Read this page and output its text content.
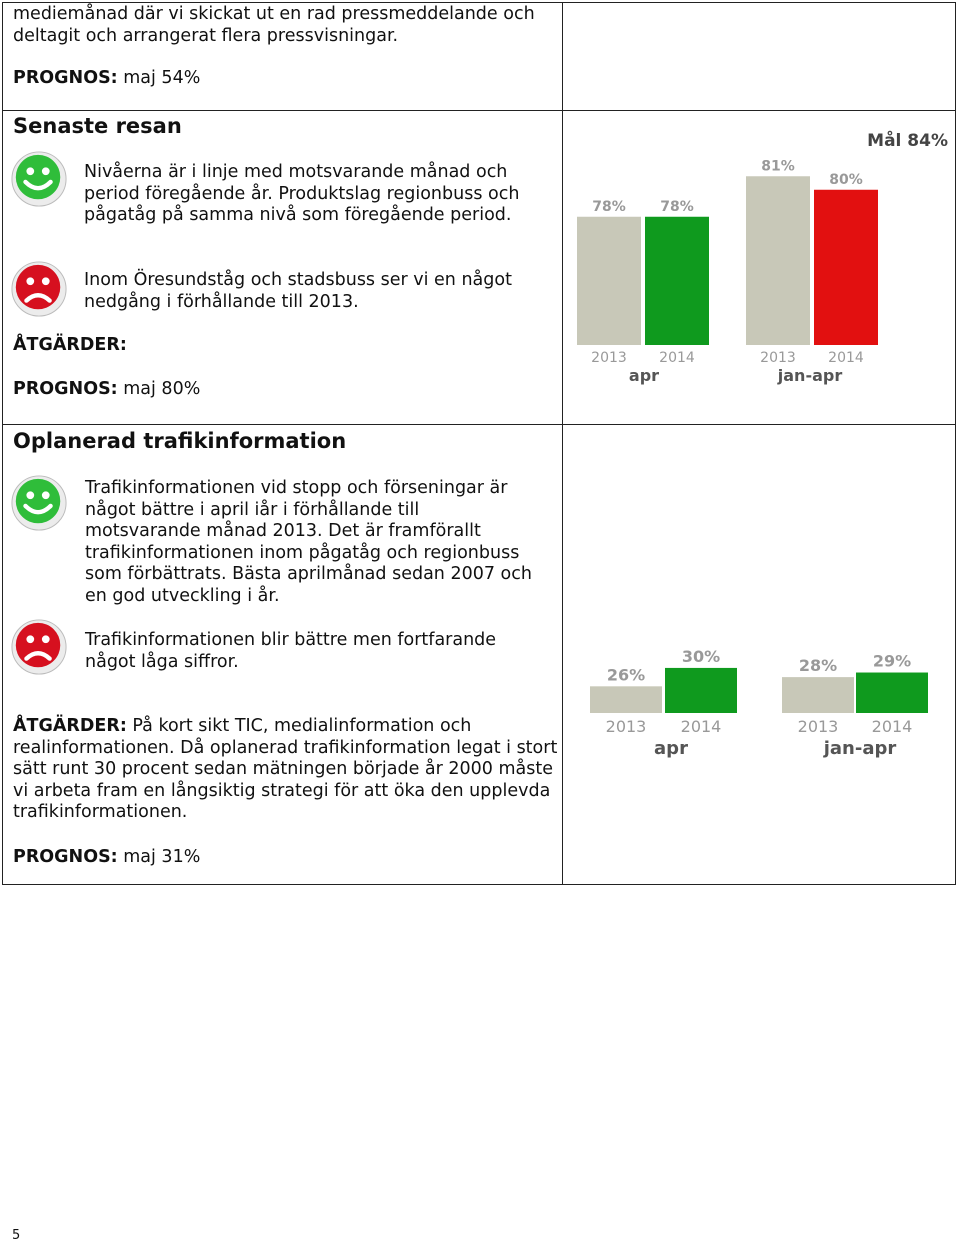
mediemånad där vi skickat ut en rad pressmeddelande och deltagit och arrangerat flera pressvisningar.
PROGNOS: maj 54%
Senaste resan
Nivåerna är i linje med motsvarande månad och period föregående år. Produktslag regionbuss och pågatåg på samma nivå som föregående period.
Inom Öresundståg och stadsbuss ser vi en något nedgång i förhållande till 2013.
ÅTGÄRDER:
PROGNOS: maj 80%
Oplanerad trafikinformation
Trafikinformationen vid stopp och förseningar är något bättre i april iår i förhållande till motsvarande månad 2013. Det är framförallt trafikinformationen inom pågatåg och regionbuss som förbättrats. Bästa aprilmånad sedan 2007 och en god utveckling i år.
Trafikinformationen blir bättre men fortfarande något låga siffror.
ÅTGÄRDER: På kort sikt TIC, medialinformation och realinformationen. Då oplanerad trafikinformation legat i stort sätt runt 30 procent sedan mätningen började år 2000 måste vi arbeta fram en långsiktig strategi för att öka den upplevda trafikinformationen.
PROGNOS: maj 31%
78%
2013
78%
2014
81%
2013
80%
2014
apr	jan-apr
Mål 84%
26%
2013
30%
2014
28%
2013
29%
2014
apr	jan-apr
5
